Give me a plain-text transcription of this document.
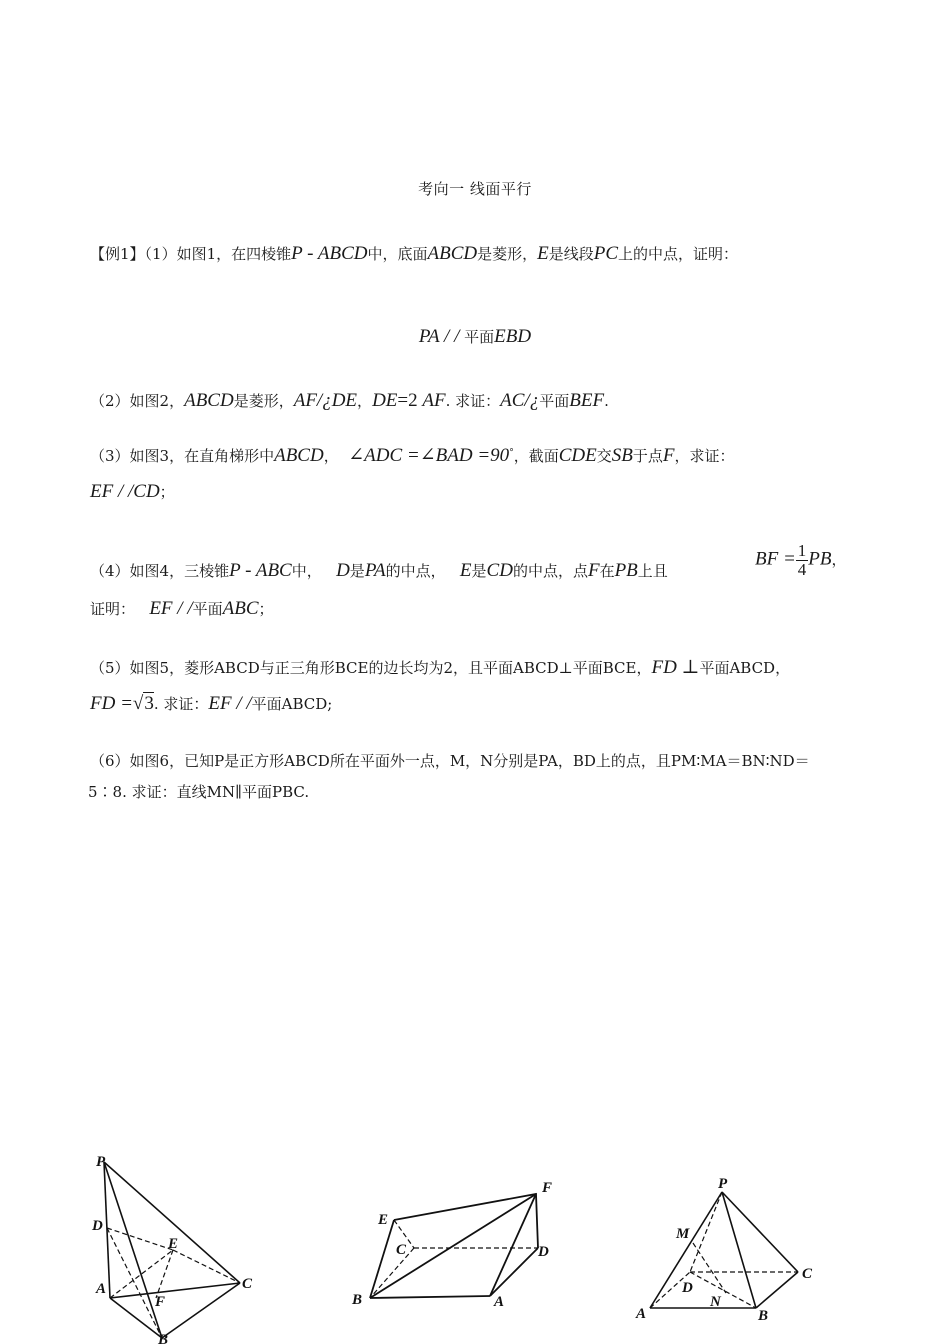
考向一 线面平行
【例1】（1）如图1，在四棱锥P - ABCD中，底面ABCD是菱形，E是线段PC上的中点，证明：
PA / / 平面EBD
（2）如图2，ABCD是菱形，AF/¿DE，DE=2 AF. 求证：AC/¿平面BEF.
（3）如图3，在直角梯形中ABCD， ∠ADC =∠BAD =90°，截面CDE交SB于点F，求证：
EF / /CD；
（4）如图4，三棱锥P - ABC中， D是PA的中点， E是CD的中点，点F在PB上且
BF = $\frac{1}{4}$ PB，
证明： EF / /平面ABC；
（5）如图5，菱形ABCD与正三角形BCE的边长均为2，且平面ABCD⊥平面BCE，FD ⊥平面ABCD，
FD =√3. 求证：EF / /平面ABCD;
（6）如图6，已知P是正方形ABCD所在平面外一点，M，N分别是PA，BD上的点，且PM∶MA＝BN∶ND＝
5∶8. 求证：直线MN∥平面PBC.
P
D
E
A
F
C
B
E
F
C	D
B	A
P
M
C
D
N
A	B
